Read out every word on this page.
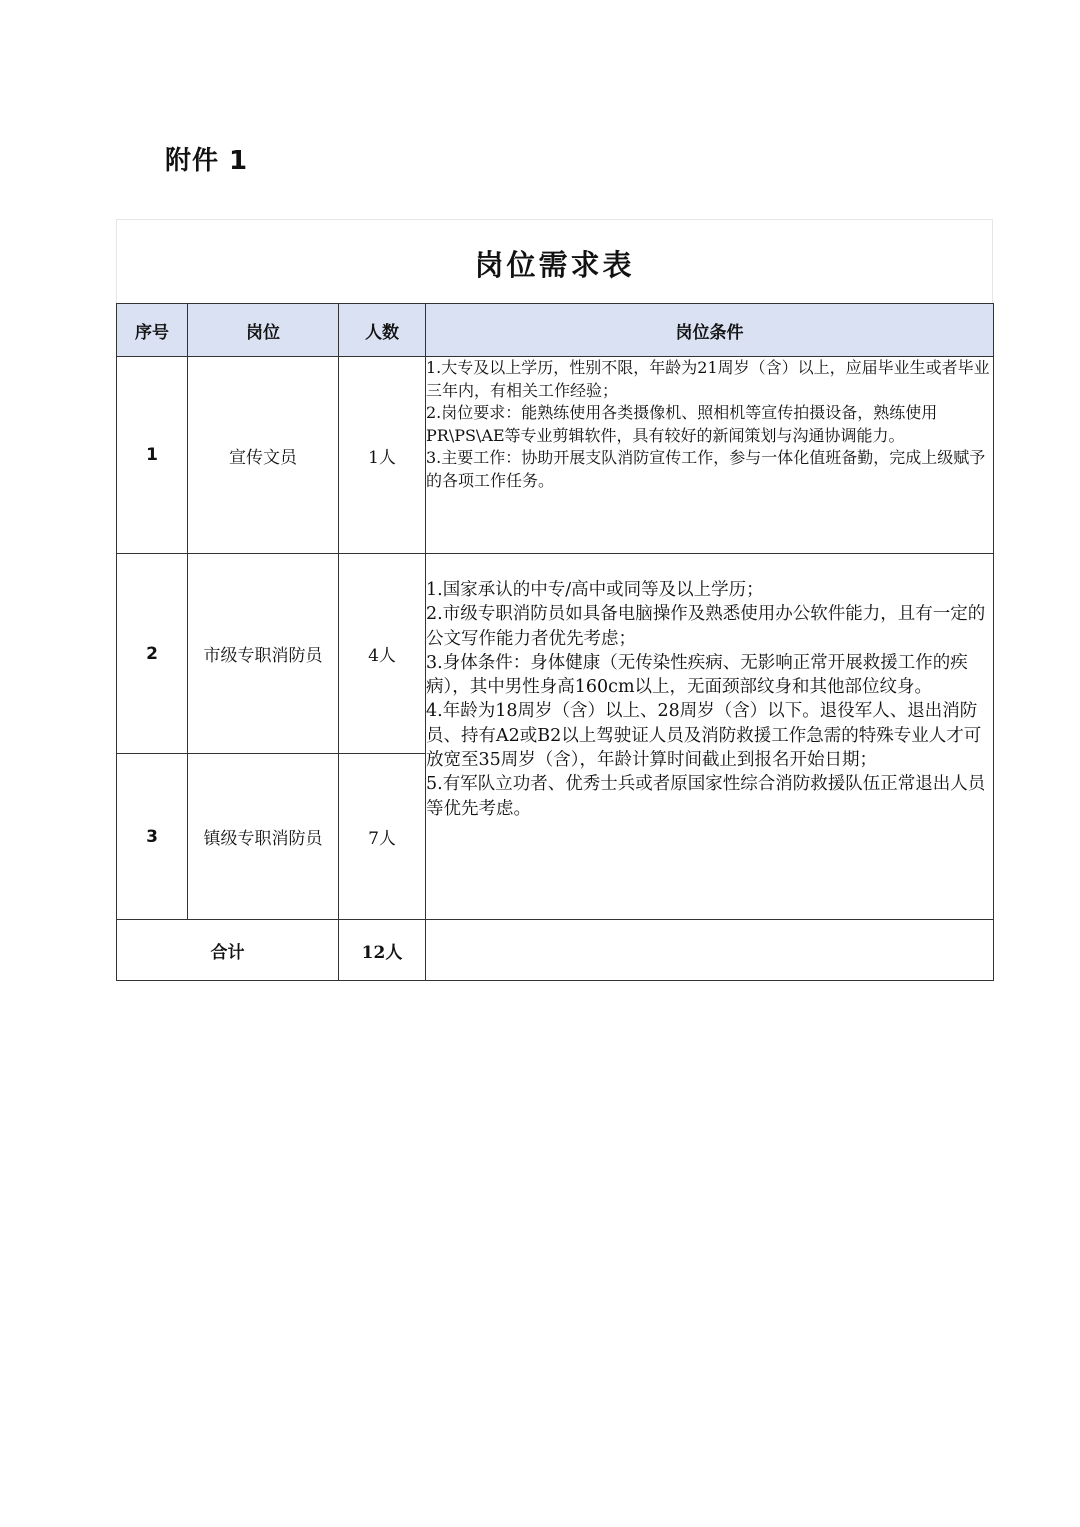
附件 1
岗位需求表
序号	岗位	人数	岗位条件
1	宣传文员	1人	1.大专及以上学历，性别不限，年龄为21周岁（含）以上，应届毕业生或者毕业三年内，有相关工作经验；
2.岗位要求：能熟练使用各类摄像机、照相机等宣传拍摄设备，熟练使用PR\PS\AE等专业剪辑软件，具有较好的新闻策划与沟通协调能力。
3.主要工作：协助开展支队消防宣传工作，参与一体化值班备勤，完成上级赋予的各项工作任务。

2	市级专职消防员	4人	1.国家承认的中专/高中或同等及以上学历；
2.市级专职消防员如具备电脑操作及熟悉使用办公软件能力，且有一定的公文写作能力者优先考虑；
3.身体条件：身体健康（无传染性疾病、无影响正常开展救援工作的疾病），其中男性身高160cm以上，无面颈部纹身和其他部位纹身。
4.年龄为18周岁（含）以上、28周岁（含）以下。退役军人、退出消防员、持有A2或B2以上驾驶证人员及消防救援工作急需的特殊专业人才可放宽至35周岁（含），年龄计算时间截止到报名开始日期；
5.有军队立功者、优秀士兵或者原国家性综合消防救援队伍正常退出人员等优先考虑。

3	镇级专职消防员	7人	
合计		12人	
